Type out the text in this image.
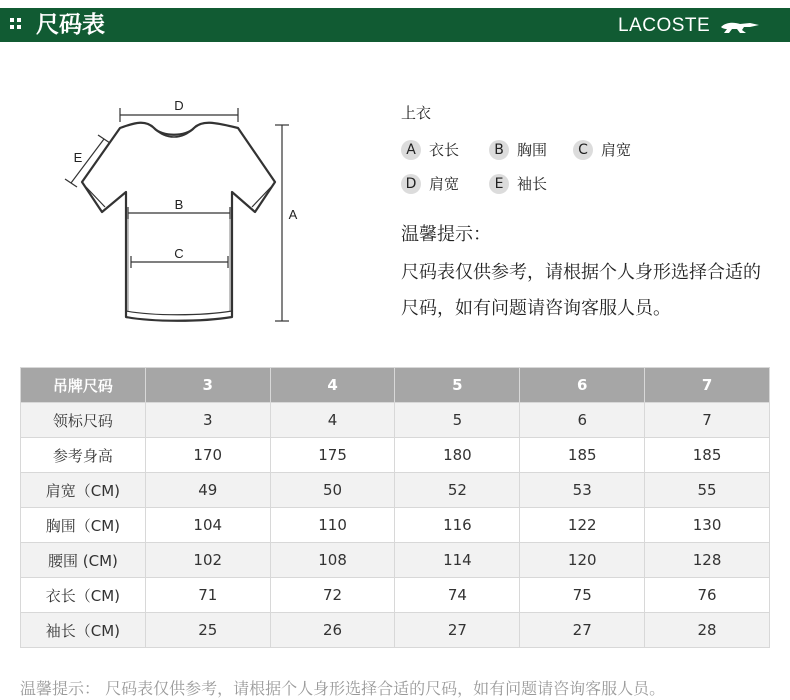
尺码表	LACOSTE
D
E
B
C
A
上衣
A 衣长	B 胸围	C 肩宽
D 肩宽	E 袖长
温馨提示：
尺码表仅供参考，请根据个人身形选择合适的尺码，如有问题请咨询客服人员。
吊牌尺码	3	4	5	6	7
领标尺码	3	4	5	6	7
参考身高	170	175	180	185	185
肩宽（CM)	49	50	52	53	55
胸围（CM)	104	110	116	122	130
腰围 (CM)	102	108	114	120	128
衣长（CM)	71	72	74	75	76
袖长（CM)	25	26	27	27	28
温馨提示： 尺码表仅供参考，请根据个人身形选择合适的尺码，如有问题请咨询客服人员。
